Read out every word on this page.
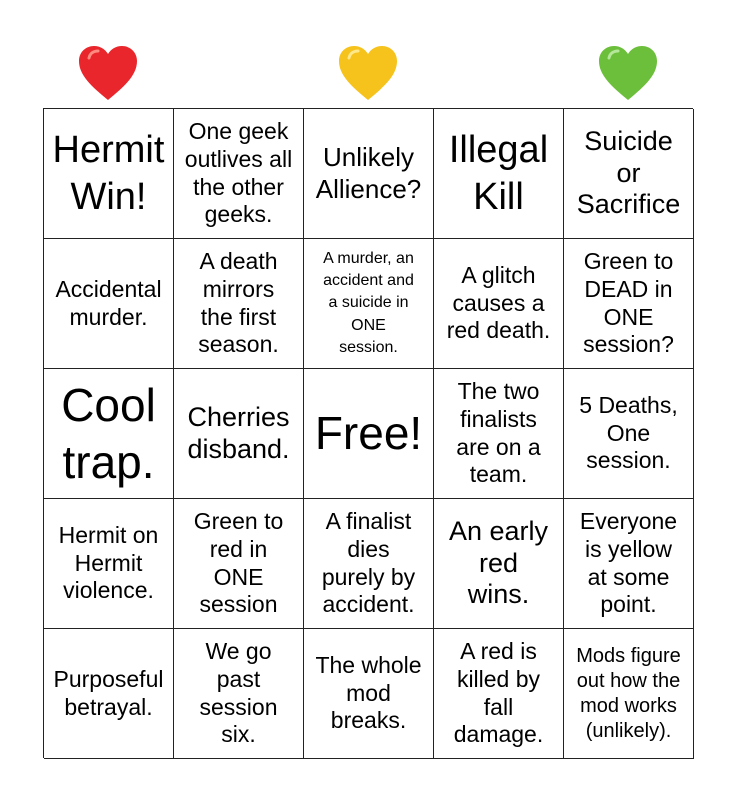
Hermit
Win!
One geek
outlives all
the other
geeks.
Unlikely
Allience?
Illegal
Kill
Suicide
or
Sacrifice
Accidental
murder.
A death
mirrors
the first
season.
A murder, an
accident and
a suicide in
ONE
session.
A glitch
causes a
red death.
Green to
DEAD in
ONE
session?
Cool
trap.
Cherries
disband. Free!
The two
finalists
are on a
team.
5 Deaths,
One
session.
Hermit on
Hermit
violence.
Green to
red in
ONE
session
A finalist
dies
purely by
accident.
An early
red
wins.
Everyone
is yellow
at some
point.
Purposeful
betrayal.
We go
past
session
six.
The whole
mod
breaks.
A red is
killed by
fall
damage.
Mods figure
out how the
mod works
(unlikely).
